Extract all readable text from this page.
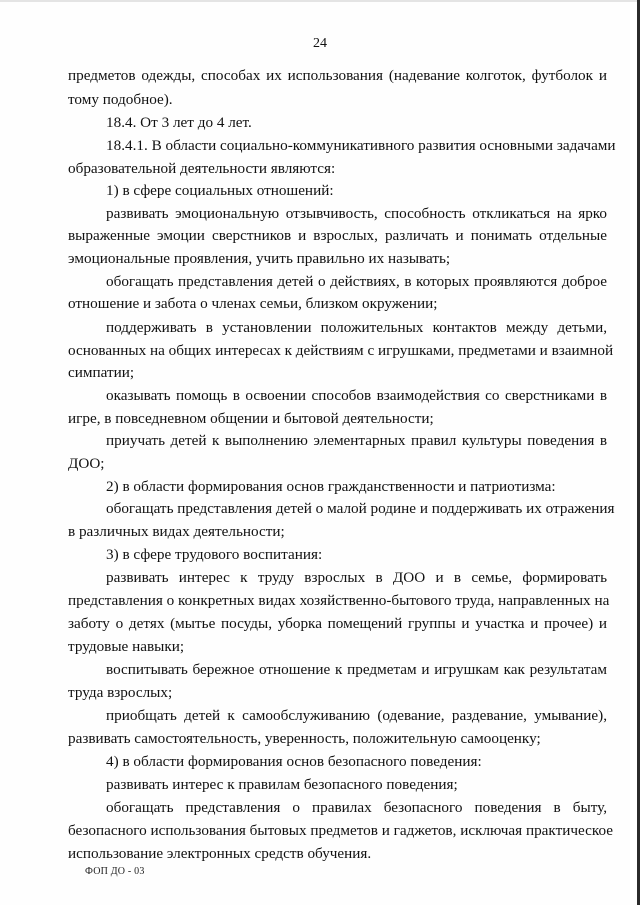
24
предметов одежды, способах их использования (надевание колготок, футболок и
тому подобное).
18.4. От 3 лет до 4 лет.
18.4.1. В области социально-коммуникативного развития основными задачами
образовательной деятельности являются:
1) в сфере социальных отношений:
развивать эмоциональную отзывчивость, способность откликаться на ярко
выраженные эмоции сверстников и взрослых, различать и понимать отдельные
эмоциональные проявления, учить правильно их называть;
обогащать представления детей о действиях, в которых проявляются доброе
отношение и забота о членах семьи, близком окружении;
поддерживать в установлении положительных контактов между детьми,
основанных на общих интересах к действиям с игрушками, предметами и взаимной
симпатии;
оказывать помощь в освоении способов взаимодействия со сверстниками в
игре, в повседневном общении и бытовой деятельности;
приучать детей к выполнению элементарных правил культуры поведения в
ДОО;
2) в области формирования основ гражданственности и патриотизма:
обогащать представления детей о малой родине и поддерживать их отражения
в различных видах деятельности;
3) в сфере трудового воспитания:
развивать интерес к труду взрослых в ДОО и в семье, формировать
представления о конкретных видах хозяйственно-бытового труда, направленных на
заботу о детях (мытье посуды, уборка помещений группы и участка и прочее) и
трудовые навыки;
воспитывать бережное отношение к предметам и игрушкам как результатам
труда взрослых;
приобщать детей к самообслуживанию (одевание, раздевание, умывание),
развивать самостоятельность, уверенность, положительную самооценку;
4) в области формирования основ безопасного поведения:
развивать интерес к правилам безопасного поведения;
обогащать представления о правилах безопасного поведения в быту,
безопасного использования бытовых предметов и гаджетов, исключая практическое
использование электронных средств обучения.
ФОП ДО - 03
